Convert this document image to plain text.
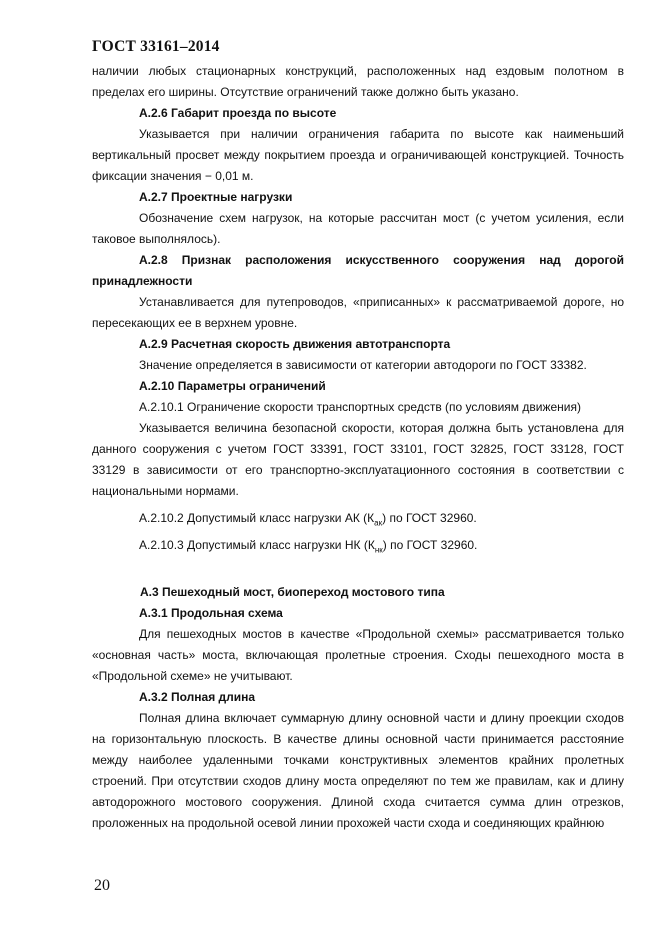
ГОСТ 33161–2014

наличии любых стационарных конструкций, расположенных над ездовым полотном в пределах его ширины. Отсутствие ограничений также должно быть указано.

А.2.6 Габарит проезда по высоте

Указывается при наличии ограничения габарита по высоте как наименьший вертикальный просвет между покрытием проезда и ограничивающей конструкцией. Точность фиксации значения − 0,01 м.

А.2.7 Проектные нагрузки

Обозначение схем нагрузок, на которые рассчитан мост (с учетом усиления, если таковое выполнялось).

А.2.8 Признак расположения искусственного сооружения над дорогой принадлежности

Устанавливается для путепроводов, «приписанных» к рассматриваемой дороге, но пересекающих ее в верхнем уровне.

А.2.9 Расчетная скорость движения автотранспорта

Значение определяется в зависимости от категории автодороги по ГОСТ 33382.

А.2.10 Параметры ограничений

А.2.10.1 Ограничение скорости транспортных средств (по условиям движения)

Указывается величина безопасной скорости, которая должна быть установлена для данного сооружения с учетом ГОСТ 33391, ГОСТ 33101, ГОСТ 32825, ГОСТ 33128, ГОСТ 33129 в зависимости от его транспортно-эксплуатационного состояния в соответствии с национальными нормами.

А.2.10.2 Допустимый класс нагрузки АК $(К_{ак})$ по ГОСТ 32960.

А.2.10.3 Допустимый класс нагрузки НК $(К_{нк})$ по ГОСТ 32960.

А.3 Пешеходный мост, биопереход мостового типа

А.3.1 Продольная схема

Для пешеходных мостов в качестве «Продольной схемы» рассматривается только «основная часть» моста, включающая пролетные строения. Сходы пешеходного моста в «Продольной схеме» не учитывают.

А.3.2 Полная длина

Полная длина включает суммарную длину основной части и длину проекции сходов на горизонтальную плоскость. В качестве длины основной части принимается расстояние между наиболее удаленными точками конструктивных элементов крайних пролетных строений. При отсутствии сходов длину моста определяют по тем же правилам, как и длину автодорожного мостового сооружения. Длиной схода считается сумма длин отрезков, проложенных на продольной осевой линии прохожей части схода и соединяющих крайнюю

20
